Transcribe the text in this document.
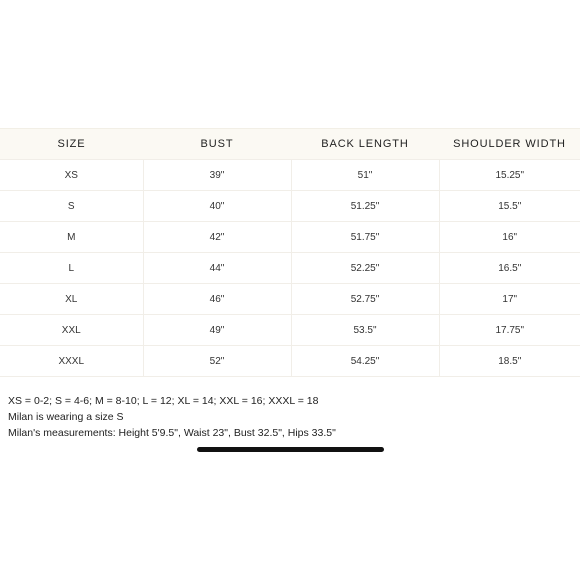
SIZE	BUST	BACK LENGTH	SHOULDER WIDTH
XS	39"	51"	15.25"
S	40"	51.25"	15.5"
M	42"	51.75"	16"
L	44"	52.25"	16.5"
XL	46"	52.75"	17"
XXL	49"	53.5"	17.75"
XXXL	52"	54.25"	18.5"
XS = 0-2; S = 4-6; M = 8-10; L = 12; XL = 14; XXL = 16; XXXL = 18
Milan is wearing a size S
Milan's measurements: Height 5'9.5", Waist 23", Bust 32.5", Hips 33.5"
